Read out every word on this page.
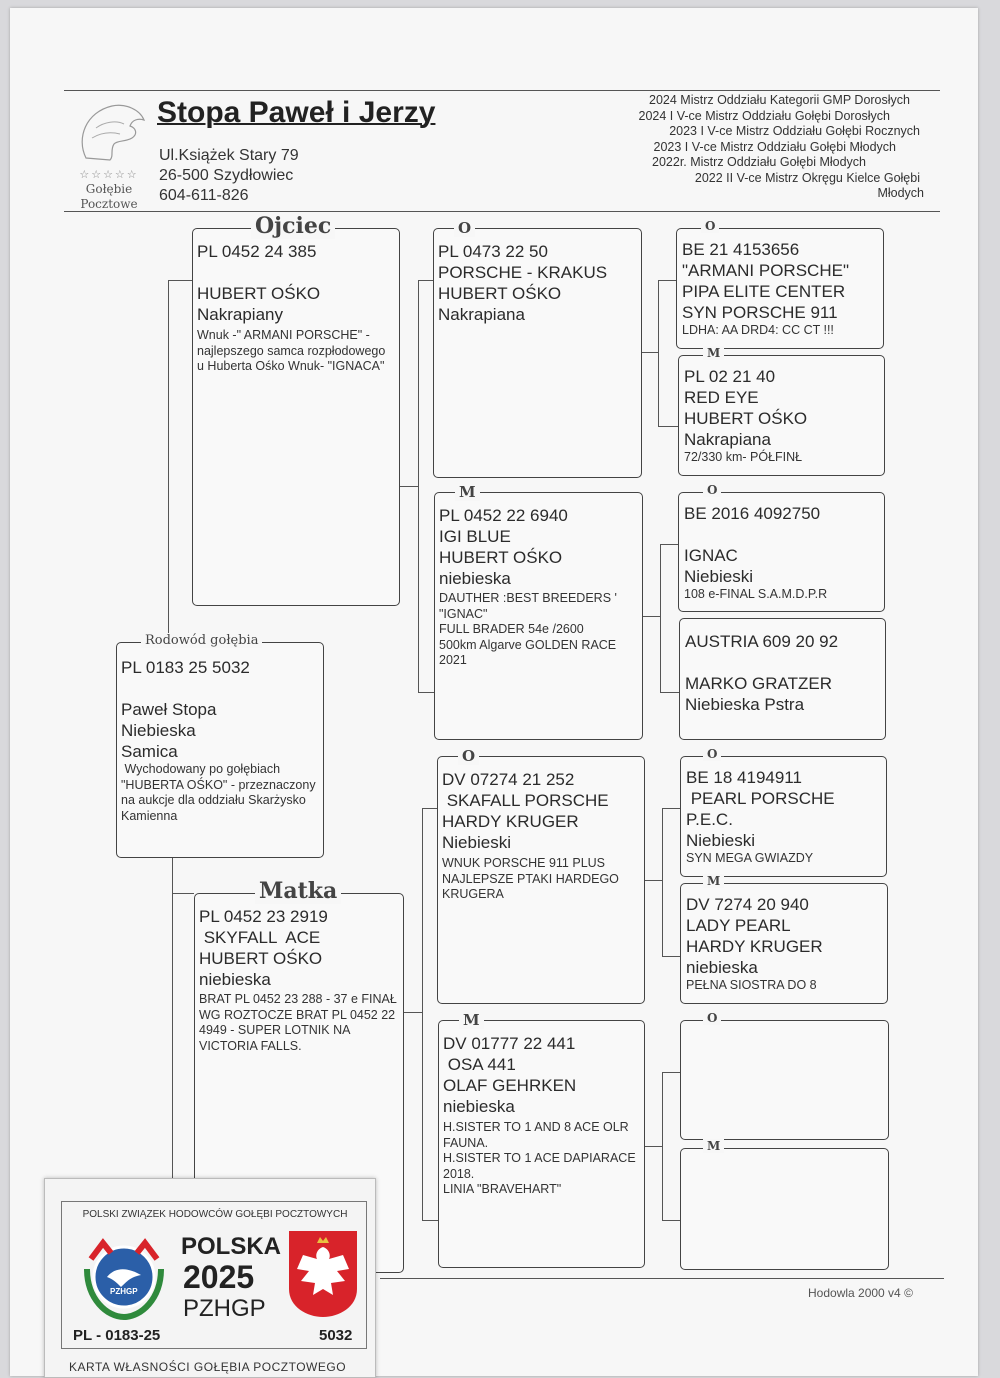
☆☆☆☆☆
Gołębie
Pocztowe
Stopa Paweł i Jerzy
Ul.Książek Stary 79
26-500 Szydłowiec
604-611-826
2024 Mistrz Oddziału Kategorii GMP Dorosłych
2024 I V-ce Mistrz Oddziału Gołębi Dorosłych
2023 I V-ce Mistrz Oddziału Gołębi Rocznych
2023 I V-ce Mistrz Oddziału Gołębi Młodych
2022r. Mistrz Oddziału Gołębi Młodych
2022 II V-ce Mistrz Okręgu Kielce Gołębi
Młodych
Ojciec
PL 0452 24 385
HUBERT OŚKO
Nakrapiany
Wnuk -" ARMANI PORSCHE" - najlepszego samca rozpłodowego u Huberta Ośko Wnuk- "IGNACA"
Rodowód gołębia
PL 0183 25 5032
Paweł Stopa
Niebieska
Samica
Wychodowany po gołębiach "HUBERTA OŚKO" - przeznaczony na aukcje dla oddziału Skarżysko Kamienna
Matka
PL 0452 23 2919
SKYFALL  ACE
HUBERT OŚKO
niebieska
BRAT PL 0452 23 288 - 37 e FINAŁ WG ROZTOCZE BRAT PL 0452 22 4949 - SUPER LOTNIK NA VICTORIA FALLS.
O
PL 0473 22 50
PORSCHE - KRAKUS
HUBERT OŚKO
Nakrapiana
M
PL 0452 22 6940
IGI BLUE
HUBERT OŚKO
niebieska
DAUTHER :BEST BREEDERS '
"IGNAC"
FULL BRADER 54e /2600
500km Algarve GOLDEN RACE 2021
O
DV 07274 21 252
SKAFALL PORSCHE
HARDY KRUGER
Niebieski
WNUK PORSCHE 911 PLUS NAJLEPSZE PTAKI HARDEGO KRUGERA
M
DV 01777 22 441
OSA 441
OLAF GEHRKEN
niebieska
H.SISTER TO 1 AND 8 ACE OLR FAUNA.
H.SISTER TO 1 ACE DAPIARACE 2018.
LINIA "BRAVEHART"
O
BE 21 4153656
"ARMANI PORSCHE"
PIPA ELITE CENTER
SYN PORSCHE 911
LDHA: AA DRD4: CC CT !!!
M
PL 02 21 40
RED EYE
HUBERT OŚKO
Nakrapiana
72/330 km- PÓŁFINŁ
O
BE 2016 4092750
IGNAC
Niebieski
108 e-FINAL S.A.M.D.P.R
AUSTRIA 609 20 92
MARKO GRATZER
Niebieska Pstra
O
BE 18 4194911
PEARL PORSCHE
P.E.C.
Niebieski
SYN MEGA GWIAZDY
M
DV 7274 20 940
LADY PEARL
HARDY KRUGER
niebieska
PEŁNA SIOSTRA DO 8
O
M
Hodowla 2000 v4 ©
POLSKI ZWIĄZEK HODOWCÓW GOŁĘBI POCZTOWYCH
PZHGP
POLSKA
2025
PZHGP
PL - 0183-25	5032
KARTA WŁASNOŚCI GOŁĘBIA POCZTOWEGO
